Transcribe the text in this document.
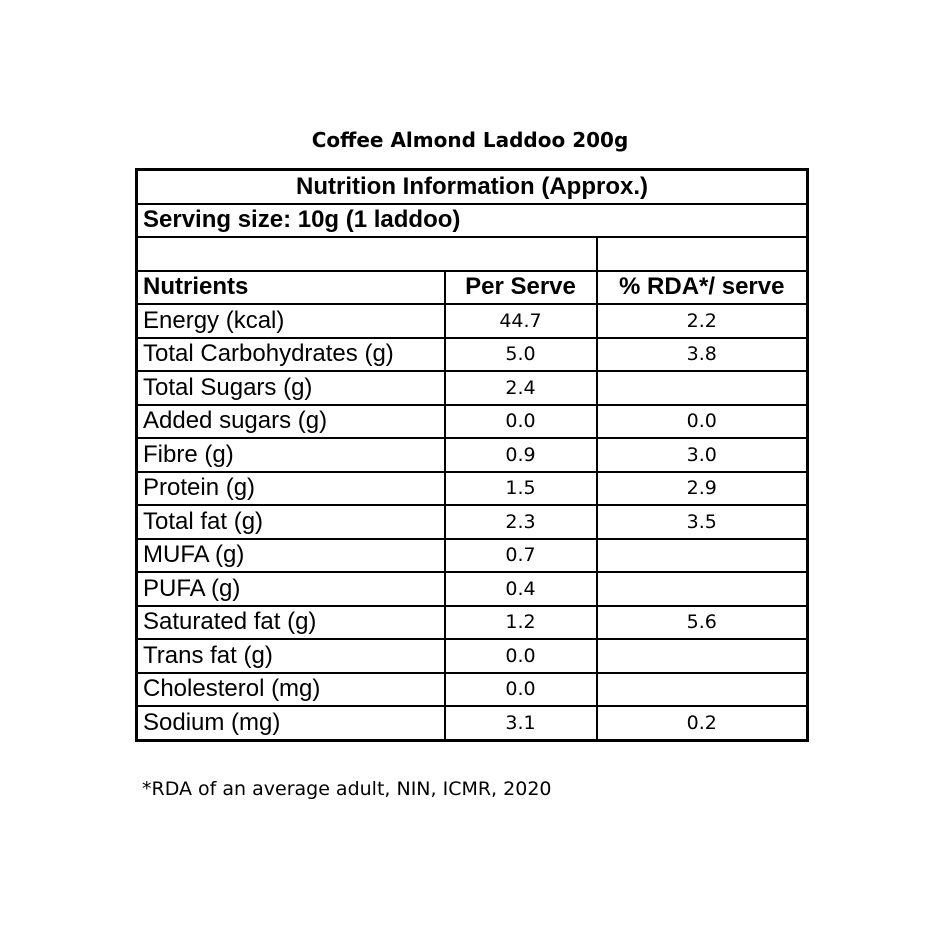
Coffee Almond Laddoo 200g
Nutrition Information (Approx.)		
Serving size: 10g (1 laddoo)		

Nutrients	Per Serve	% RDA*/ serve
Energy (kcal)	44.7	2.2
Total Carbohydrates (g)	5.0	3.8
Total Sugars (g)	2.4	
Added sugars (g)	0.0	0.0
Fibre (g)	0.9	3.0
Protein (g)	1.5	2.9
Total fat (g)	2.3	3.5
MUFA (g)	0.7	
PUFA (g)	0.4	
Saturated fat (g)	1.2	5.6
Trans fat (g)	0.0	
Cholesterol (mg)	0.0	
Sodium (mg)	3.1	0.2
*RDA of an average adult, NIN, ICMR, 2020
